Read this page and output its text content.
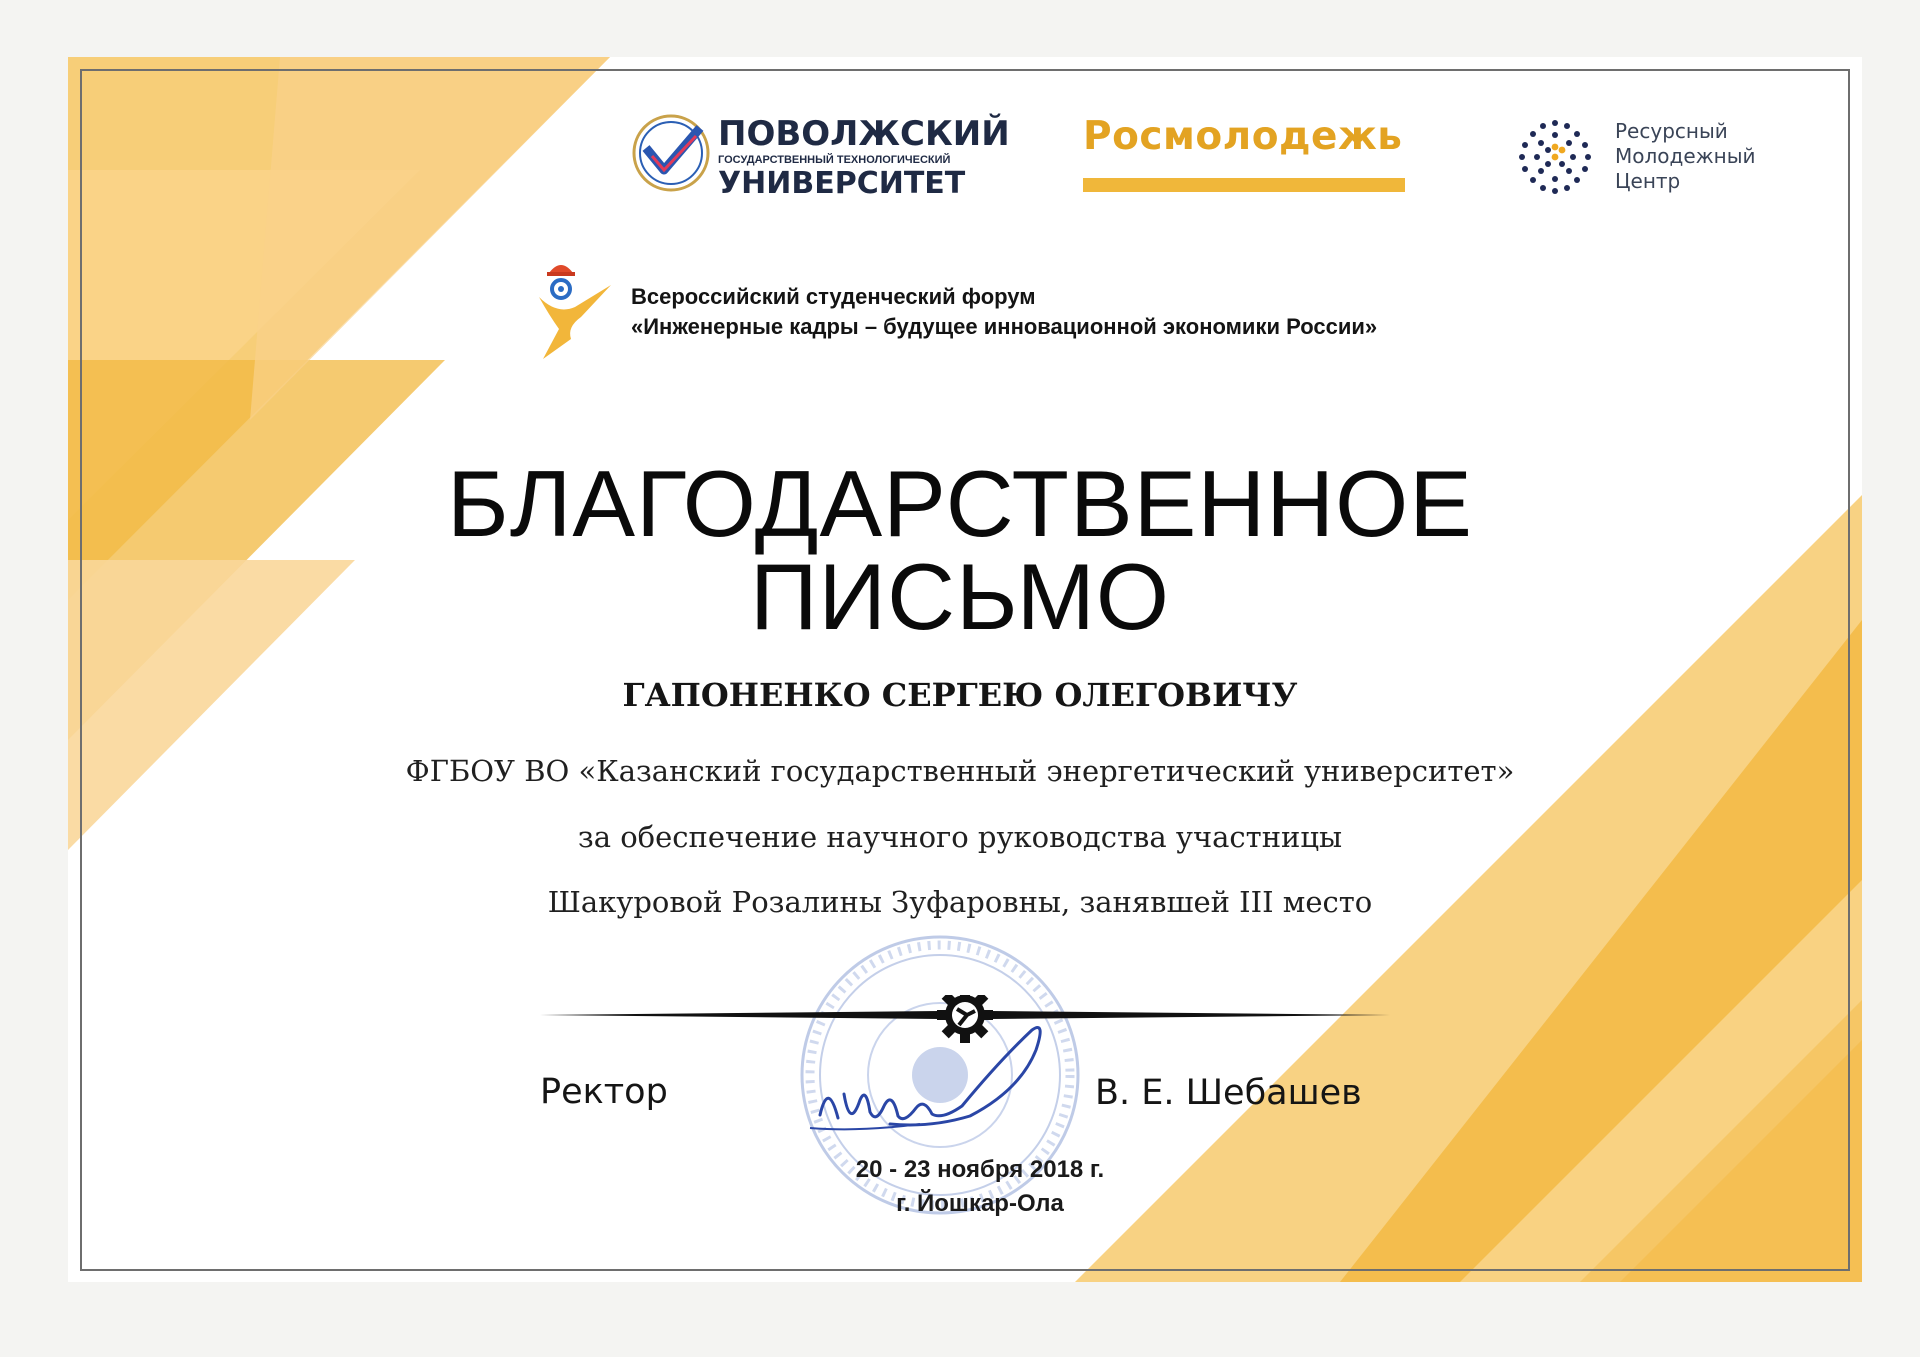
ПОВОЛЖСКИЙ
ГОСУДАРСТВЕННЫЙ ТЕХНОЛОГИЧЕСКИЙ
УНИВЕРСИТЕТ
Росмолодежь	Ресурсный
Молодежный
Центр
Всероссийский студенческий форум
«Инженерные кадры – будущее инновационной экономики России»
БЛАГОДАРСТВЕННОЕ
ПИСЬМО
ГАПОНЕНКО СЕРГЕЮ ОЛЕГОВИЧУ
ФГБОУ ВО «Казанский государственный энергетический университет»
за обеспечение научного руководства участницы
Шакуровой Розалины Зуфаровны, занявшей III место
Ректор	В. Е. Шебашев
20 - 23 ноября 2018 г.
г. Йошкар-Ола
